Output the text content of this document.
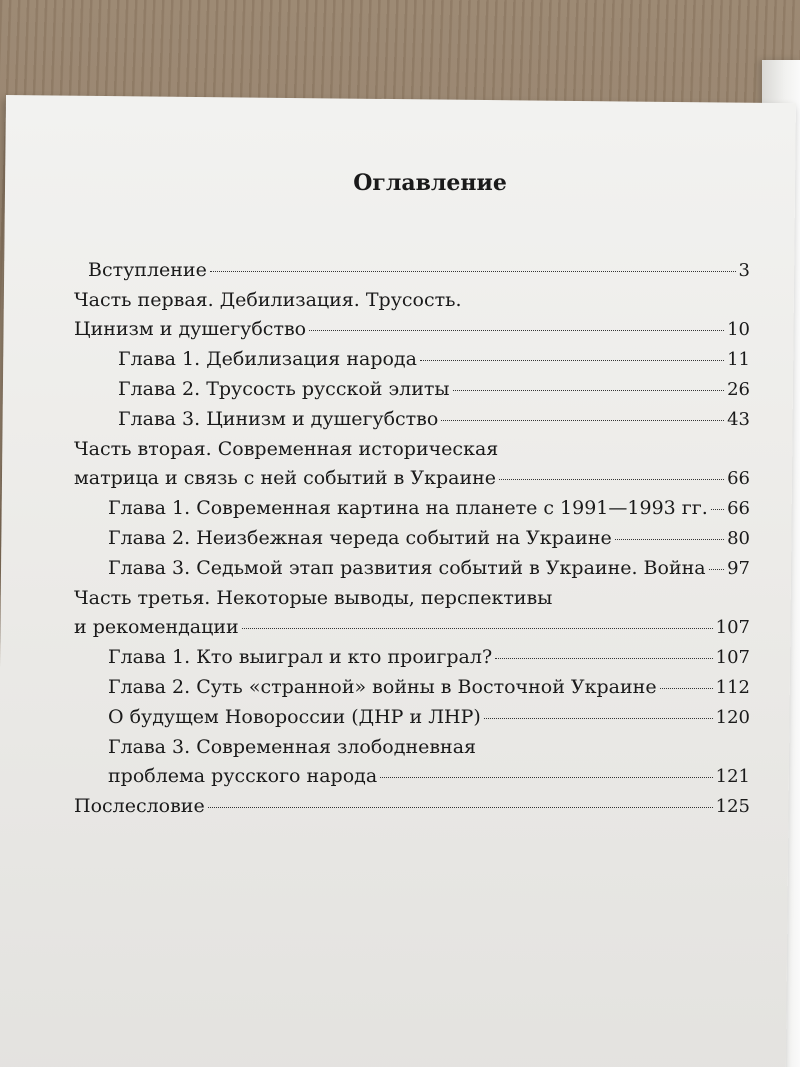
Оглавление
Вступление	3
Часть первая. Дебилизация. Трусость.
Цинизм и душегубство	10
Глава 1. Дебилизация народа	11
Глава 2. Трусость русской элиты	26
Глава 3. Цинизм и душегубство	43
Часть вторая. Современная историческая
матрица и связь с ней событий в Украине	66
Глава 1. Современная картина на планете с 1991—1993 гг. 66
Глава 2. Неизбежная череда событий на Украине	80
Глава 3. Седьмой этап развития событий в Украине. Война 97
Часть третья. Некоторые выводы, перспективы
и рекомендации	107
Глава 1. Кто выиграл и кто проиграл?	107
Глава 2. Суть «странной» войны в Восточной Украине	112
О будущем Новороссии (ДНР и ЛНР)	120
Глава 3. Современная злободневная
проблема русского народа	121
Послесловие	125
